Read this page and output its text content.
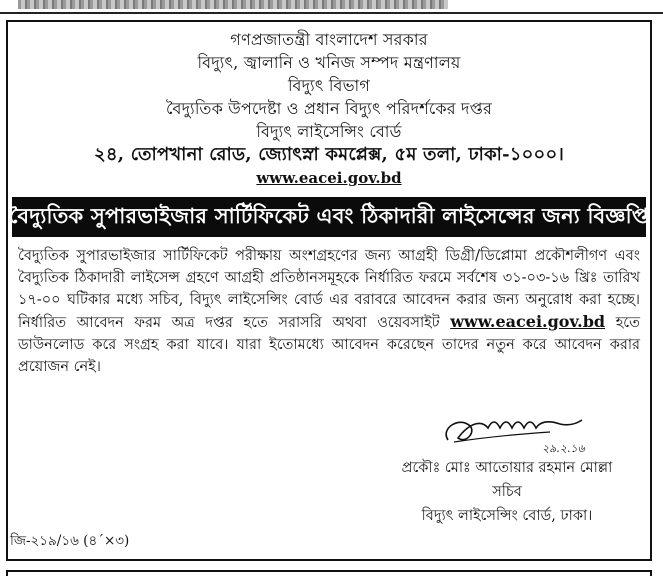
গণপ্রজাতন্ত্রী বাংলাদেশ সরকার
বিদ্যুৎ, জ্বালানি ও খনিজ সম্পদ মন্ত্রণালয়
বিদ্যুৎ বিভাগ
বৈদ্যুতিক উপদেষ্টা ও প্রধান বিদ্যুৎ পরিদর্শকের দপ্তর
বিদ্যুৎ লাইসেন্সিং বোর্ড
২৪, তোপখানা রোড, জ্যোৎস্না কমপ্লেক্স, ৫ম তলা, ঢাকা-১০০০।
www.eacei.gov.bd
বৈদ্যুতিক সুপারভাইজার সার্টিফিকেট এবং ঠিকাদারী লাইসেন্সের জন্য বিজ্ঞপ্তি
বৈদ্যুতিক সুপারভাইজার সার্টিফিকেট পরীক্ষায় অংশগ্রহণের জন্য আগ্রহী ডিগ্রী/ডিপ্লোমা প্রকৌশলীগণ এবং বৈদ্যুতিক ঠিকাদারী লাইসেন্স গ্রহণে আগ্রহী প্রতিষ্ঠানসমূহকে নির্ধারিত ফরমে সর্বশেষ ৩১-০৩-১৬ খ্রিঃ তারিখ ১৭-০০ ঘটিকার মধ্যে সচিব, বিদ্যুৎ লাইসেন্সিং বোর্ড এর বরাবরে আবেদন করার জন্য অনুরোধ করা হচ্ছে। নির্ধারিত আবেদন ফরম অত্র দপ্তর হতে সরাসরি অথবা ওয়েবসাইট www.eacei.gov.bd হতে ডাউনলোড করে সংগ্রহ করা যাবে। যারা ইতোমধ্যে আবেদন করেছেন তাদের নতুন করে আবেদন করার প্রয়োজন নেই।
২৯.২.১৬
প্রকৌঃ মোঃ আতোয়ার রহমান মোল্লা
সচিব
বিদ্যুৎ লাইসেন্সিং বোর্ড, ঢাকা।
জি-২১৯/১৬ (৪´×৩)
